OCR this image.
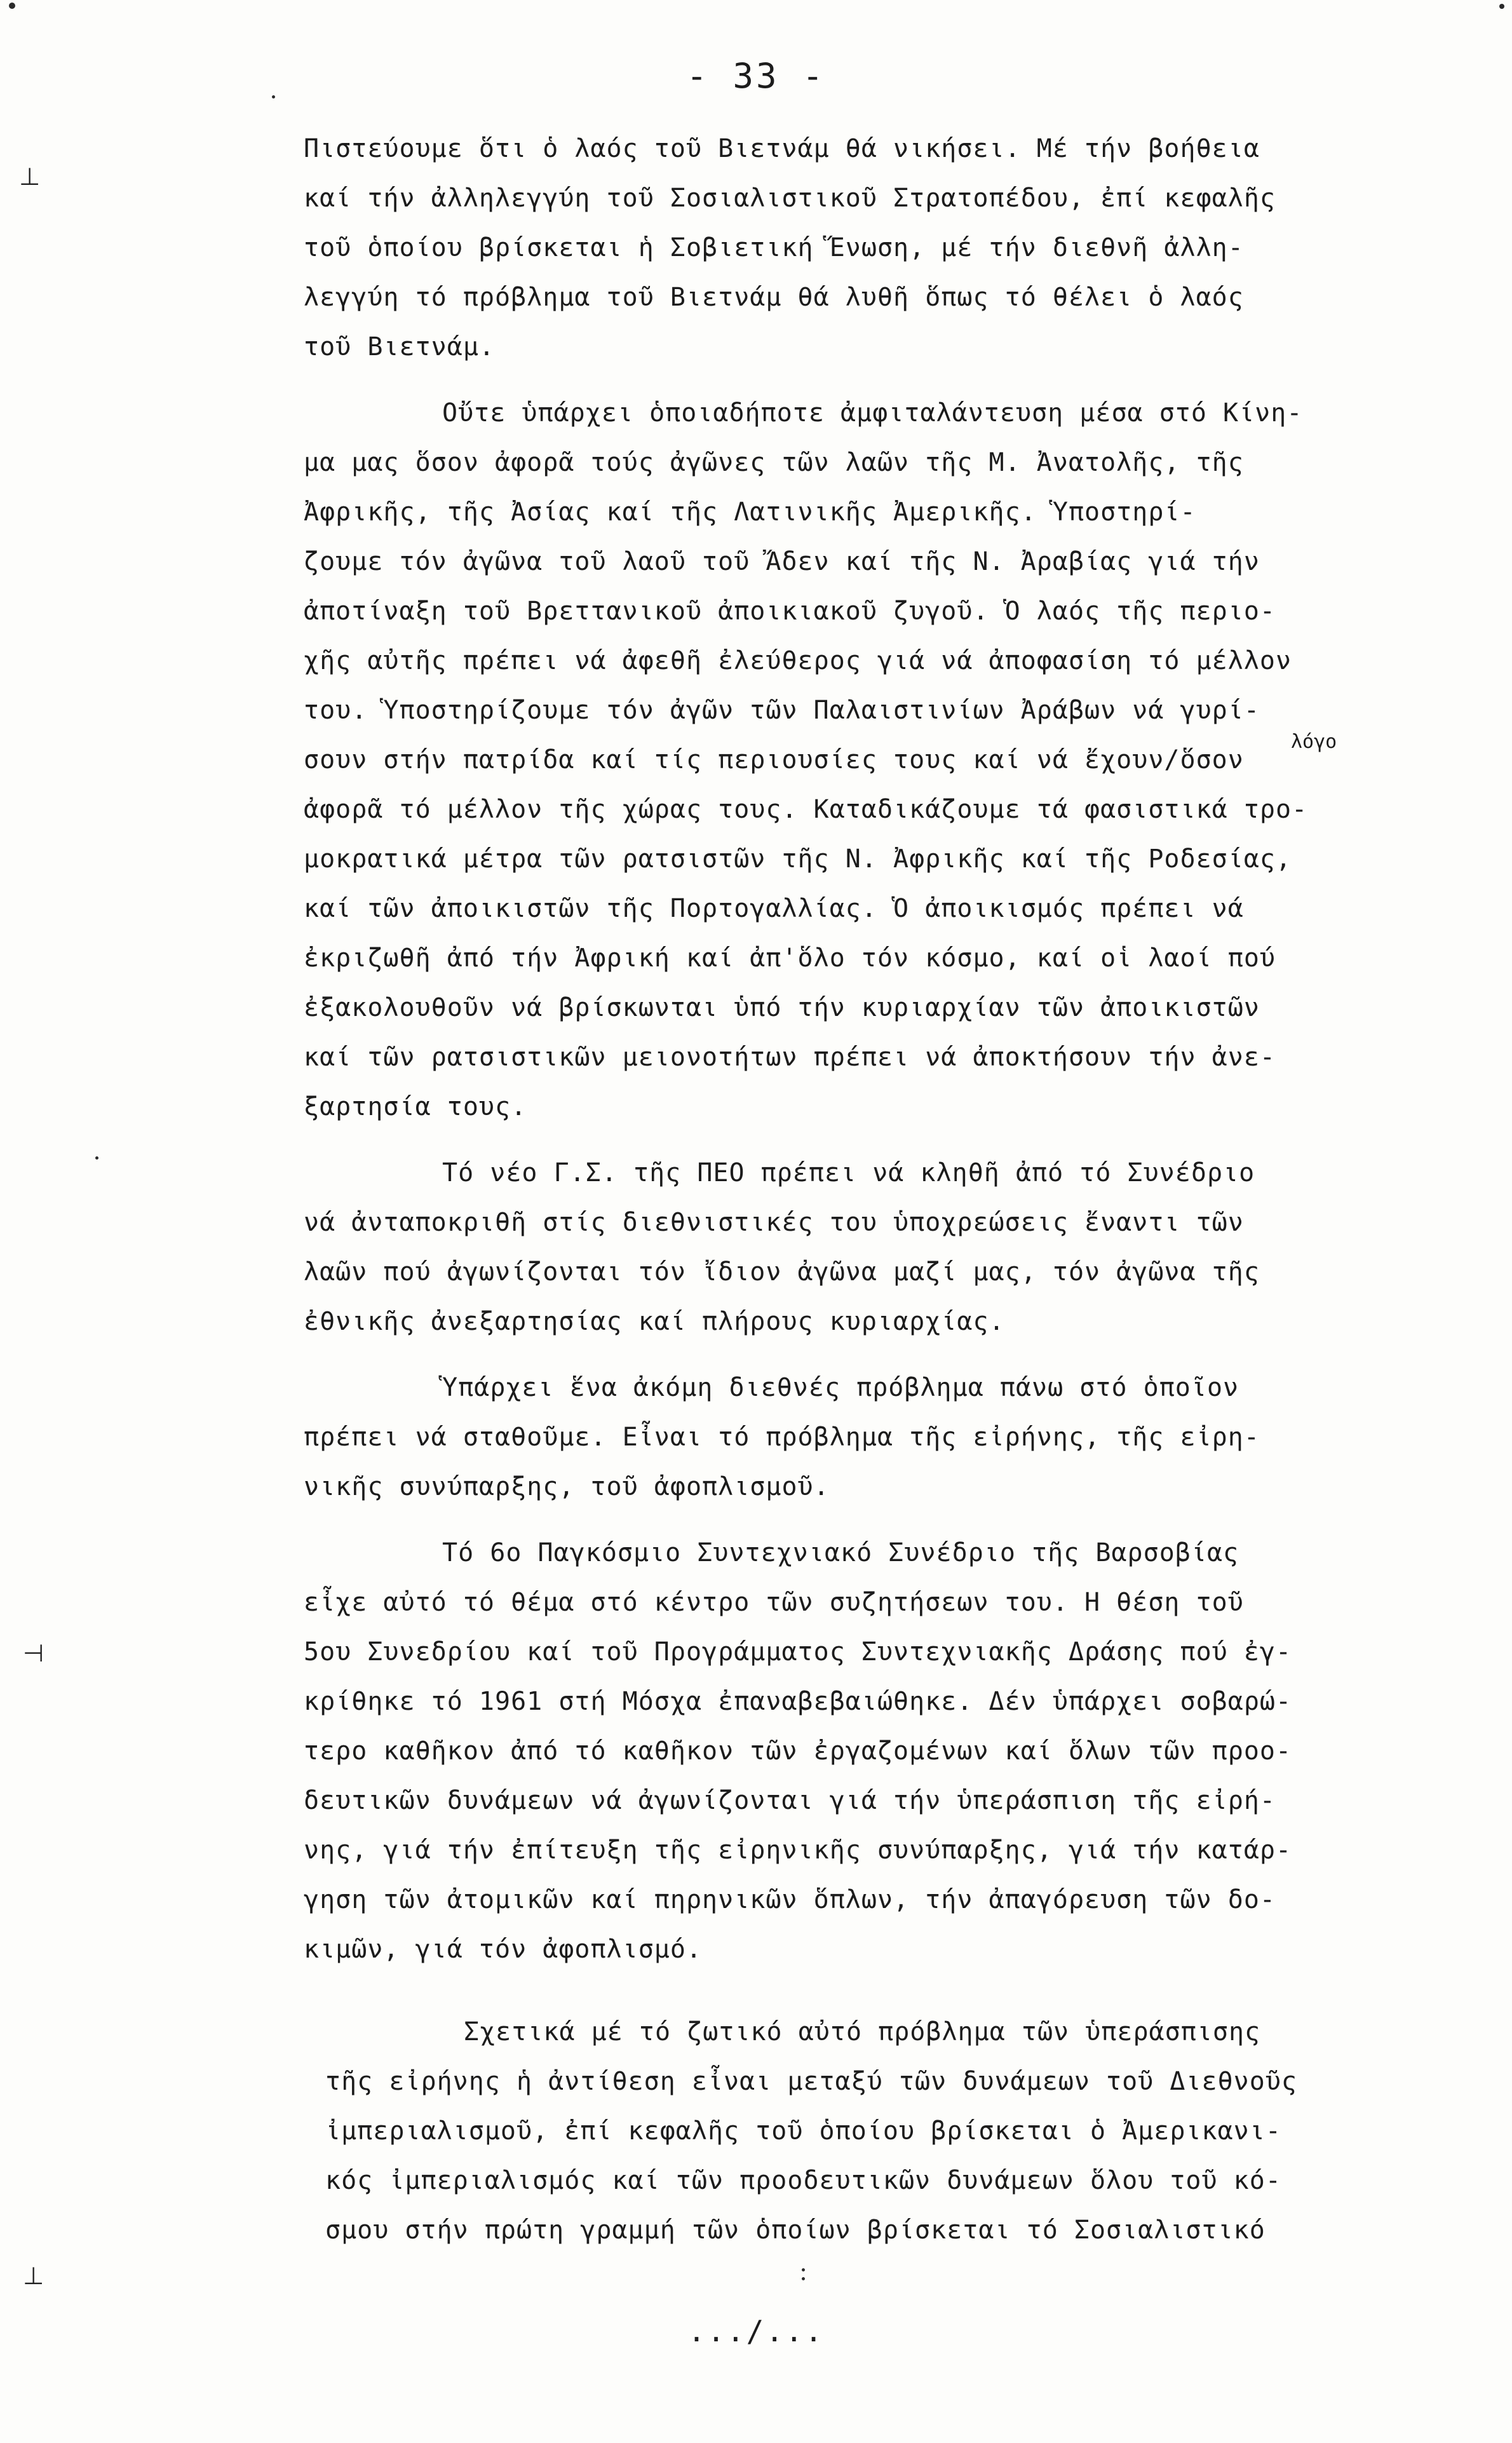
- 33 -
Πιστεύουμε ὅτι ὁ λαός τοῦ Βιετνάμ θά νικήσει. Μέ τήν βοήθεια
καί τήν ἀλληλεγγύη τοῦ Σοσιαλιστικοῦ Στρατοπέδου, ἐπί κεφαλῆς
τοῦ ὁποίου βρίσκεται ἡ Σοβιετική Ἕνωση, μέ τήν διεθνῆ ἀλλη-
λεγγύη τό πρόβλημα τοῦ Βιετνάμ θά λυθῆ ὅπως τό θέλει ὁ λαός
τοῦ Βιετνάμ.
Οὔτε ὑπάρχει ὁποιαδήποτε ἀμφιταλάντευση μέσα στό Κίνη-
μα μας ὅσον ἀφορᾶ τούς ἀγῶνες τῶν λαῶν τῆς Μ. Ἀνατολῆς, τῆς
Ἀφρικῆς, τῆς Ἀσίας καί τῆς Λατινικῆς Ἀμερικῆς. Ὑποστηρί-
ζουμε τόν ἀγῶνα τοῦ λαοῦ τοῦ Ἄδεν καί τῆς Ν. Ἀραβίας γιά τήν
ἀποτίναξη τοῦ Βρεττανικοῦ ἀποικιακοῦ ζυγοῦ. Ὁ λαός τῆς περιο-
χῆς αὐτῆς πρέπει νά ἀφεθῆ ἐλεύθερος γιά νά ἀποφασίση τό μέλλον
του. Ὑποστηρίζουμε τόν ἀγῶν τῶν Παλαιστινίων Ἀράβων νά γυρί-
σουν στήν πατρίδα καί τίς περιουσίες τους καί νά ἔχουν/ὅσον
ἀφορᾶ τό μέλλον τῆς χώρας τους. Καταδικάζουμε τά φασιστικά τρο-
μοκρατικά μέτρα τῶν ρατσιστῶν τῆς Ν. Ἀφρικῆς καί τῆς Ροδεσίας,
καί τῶν ἀποικιστῶν τῆς Πορτογαλλίας. Ὁ ἀποικισμός πρέπει νά
ἐκριζωθῆ ἀπό τήν Ἀφρική καί ἀπ'ὅλο τόν κόσμο, καί οἱ λαοί πού
ἐξακολουθοῦν νά βρίσκωνται ὑπό τήν κυριαρχίαν τῶν ἀποικιστῶν
καί τῶν ρατσιστικῶν μειονοτήτων πρέπει νά ἀποκτήσουν τήν ἀνε-
ξαρτησία τους.
Τό νέο Γ.Σ. τῆς ΠΕΟ πρέπει νά κληθῆ ἀπό τό Συνέδριο
νά ἀνταποκριθῆ στίς διεθνιστικές του ὑποχρεώσεις ἔναντι τῶν
λαῶν πού ἀγωνίζονται τόν ἴδιον ἀγῶνα μαζί μας, τόν ἀγῶνα τῆς
ἐθνικῆς ἀνεξαρτησίας καί πλήρους κυριαρχίας.
Ὑπάρχει ἕνα ἀκόμη διεθνές πρόβλημα πάνω στό ὁποῖον
πρέπει νά σταθοῦμε. Εἶναι τό πρόβλημα τῆς εἰρήνης, τῆς εἰρη-
νικῆς συνύπαρξης, τοῦ ἀφοπλισμοῦ.
Τό 6ο Παγκόσμιο Συντεχνιακό Συνέδριο τῆς Βαρσοβίας
εἶχε αὐτό τό θέμα στό κέντρο τῶν συζητήσεων του. Η θέση τοῦ
5ου Συνεδρίου καί τοῦ Προγράμματος Συντεχνιακῆς Δράσης πού ἐγ-
κρίθηκε τό 1961 στή Μόσχα ἐπαναβεβαιώθηκε. Δέν ὑπάρχει σοβαρώ-
τερο καθῆκον ἀπό τό καθῆκον τῶν ἐργαζομένων καί ὅλων τῶν προο-
δευτικῶν δυνάμεων νά ἀγωνίζονται γιά τήν ὑπεράσπιση τῆς εἰρή-
νης, γιά τήν ἐπίτευξη τῆς εἰρηνικῆς συνύπαρξης, γιά τήν κατάρ-
γηση τῶν ἀτομικῶν καί πηρηνικῶν ὅπλων, τήν ἀπαγόρευση τῶν δο-
κιμῶν, γιά τόν ἀφοπλισμό.
Σχετικά μέ τό ζωτικό αὐτό πρόβλημα τῶν ὑπεράσπισης
τῆς εἰρήνης ἡ ἀντίθεση εἶναι μεταξύ τῶν δυνάμεων τοῦ Διεθνοῦς
ἰμπεριαλισμοῦ, ἐπί κεφαλῆς τοῦ ὁποίου βρίσκεται ὁ Ἀμερικανι-
κός ἰμπεριαλισμός καί τῶν προοδευτικῶν δυνάμεων ὅλου τοῦ κό-
σμου στήν πρώτη γραμμή τῶν ὁποίων βρίσκεται τό Σοσιαλιστικό
λόγο
.../...
⊥
⊣
⊥
